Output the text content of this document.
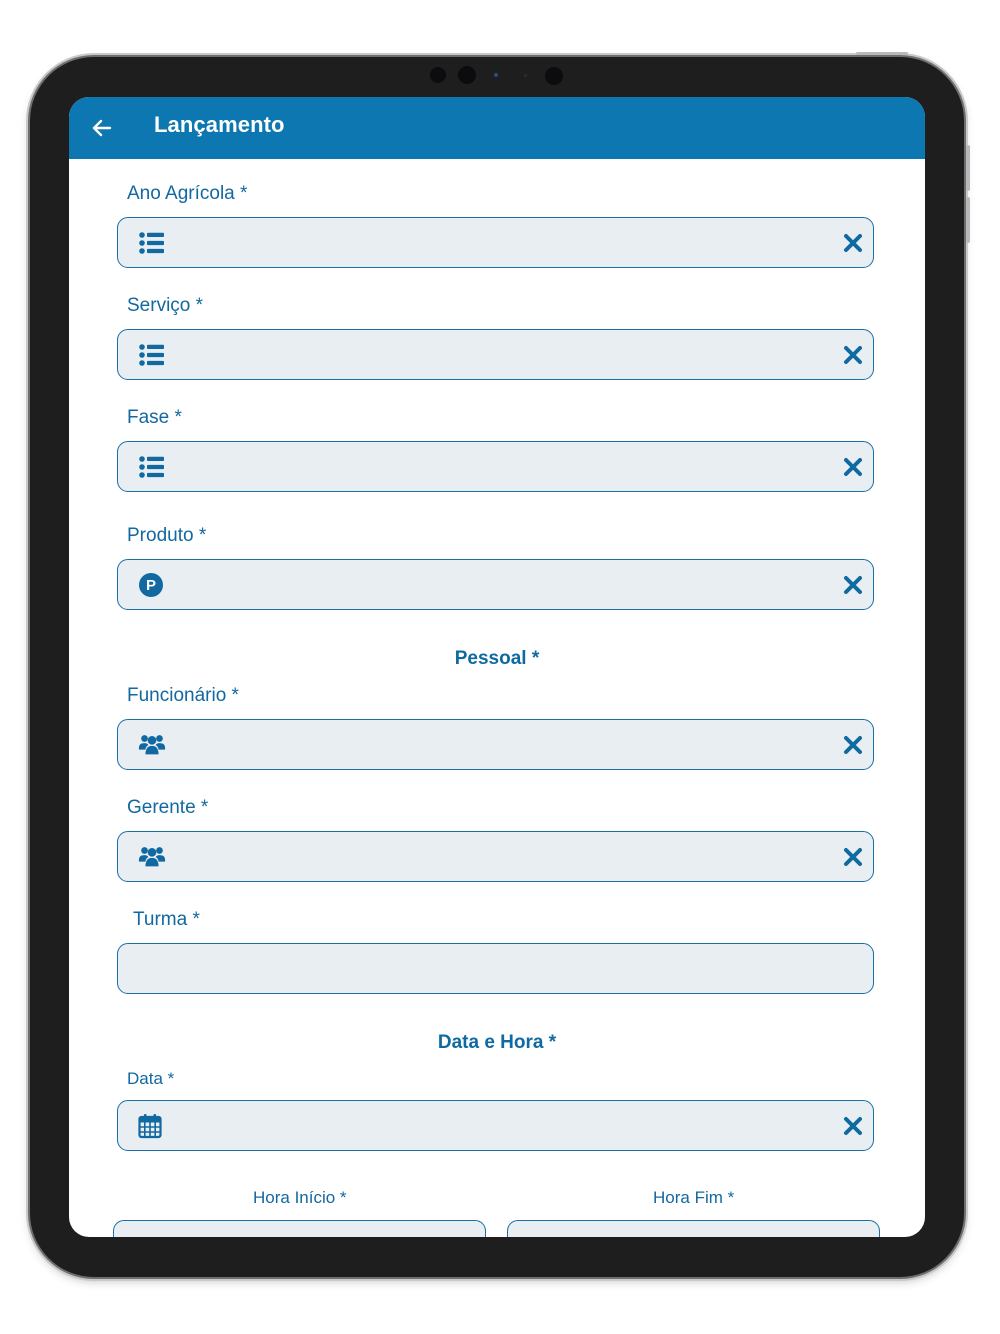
Lançamento
Ano Agrícola *
Serviço *
Fase *
Produto *
P
Pessoal *
Funcionário *
Gerente *
Turma *
Data e Hora *
Data *
Hora Início *	Hora Fim *
